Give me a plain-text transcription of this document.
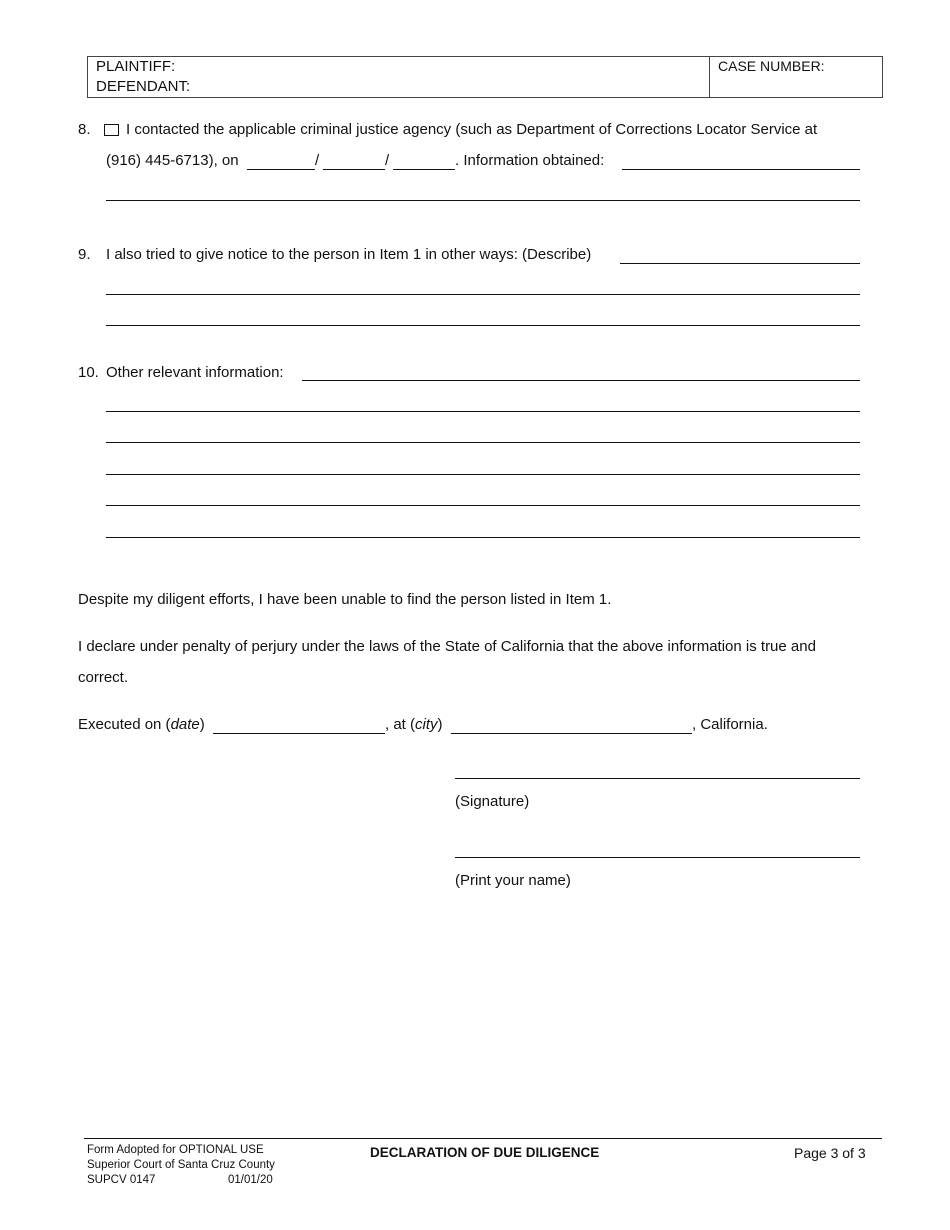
PLAINTIFF:
DEFENDANT:
CASE NUMBER:
8. I contacted the applicable criminal justice agency (such as Department of Corrections Locator Service at
(916) 445-6713), on	/	/	. Information obtained:
9. I also tried to give notice to the person in Item 1 in other ways: (Describe)
10. Other relevant information:
Despite my diligent efforts, I have been unable to find the person listed in Item 1.
I declare under penalty of perjury under the laws of the State of California that the above information is true and
correct.
Executed on (date)	, at (city)	, California.
(Signature)
(Print your name)
Form Adopted for OPTIONAL USE
Superior Court of Santa Cruz County
SUPCV 0147	01/01/20
DECLARATION OF DUE DILIGENCE	Page 3 of 3
